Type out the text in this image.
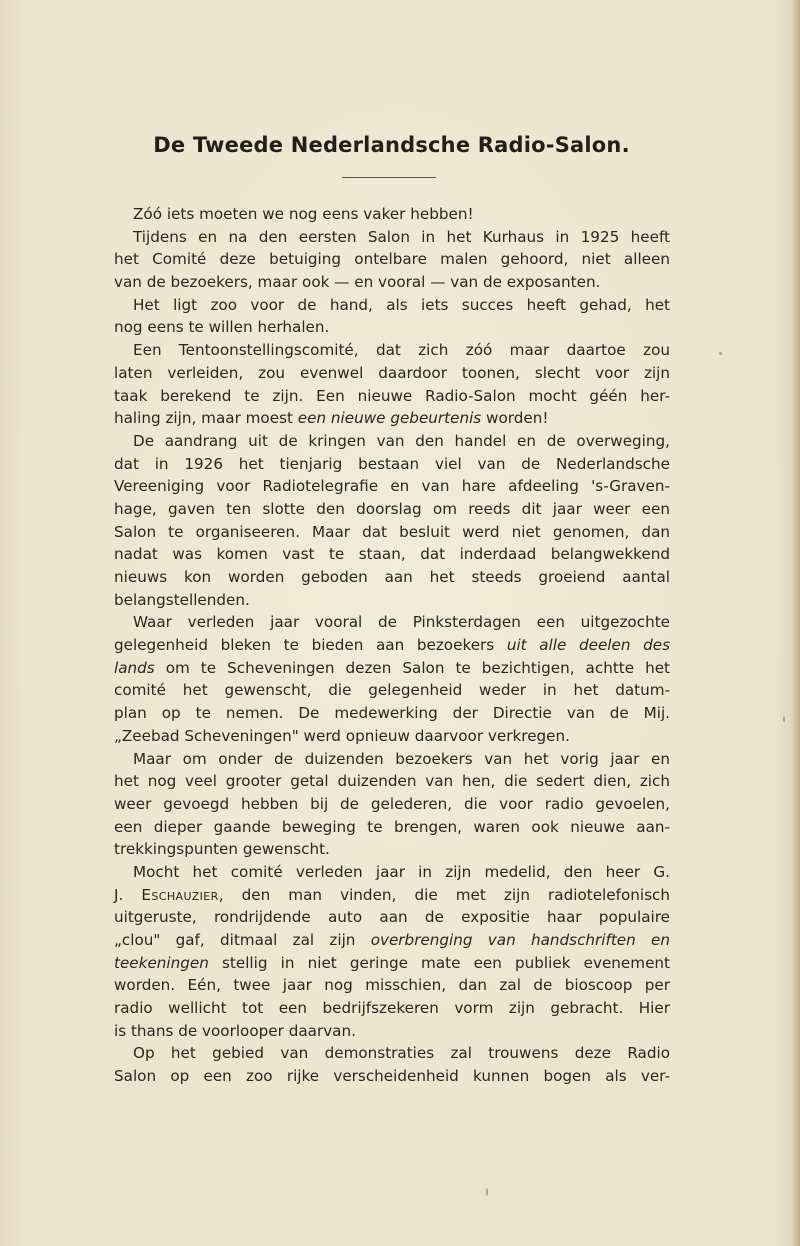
De Tweede Nederlandsche Radio-Salon.
Zóó iets moeten we nog eens vaker hebben!
Tijdens en na den eersten Salon in het Kurhaus in 1925 heeft
het Comité deze betuiging ontelbare malen gehoord, niet alleen
van de bezoekers, maar ook — en vooral — van de exposanten.
Het ligt zoo voor de hand, als iets succes heeft gehad, het
nog eens te willen herhalen.
Een Tentoonstellingscomité, dat zich zóó maar daartoe zou
laten verleiden, zou evenwel daardoor toonen, slecht voor zijn
taak berekend te zijn. Een nieuwe Radio-Salon mocht géén her-
haling zijn, maar moest een nieuwe gebeurtenis worden!
De aandrang uit de kringen van den handel en de overweging,
dat in 1926 het tienjarig bestaan viel van de Nederlandsche
Vereeniging voor Radiotelegrafie en van hare afdeeling 's-Graven-
hage, gaven ten slotte den doorslag om reeds dit jaar weer een
Salon te organiseeren. Maar dat besluit werd niet genomen, dan
nadat was komen vast te staan, dat inderdaad belangwekkend
nieuws kon worden geboden aan het steeds groeiend aantal
belangstellenden.
Waar verleden jaar vooral de Pinksterdagen een uitgezochte
gelegenheid bleken te bieden aan bezoekers uit alle deelen des
lands om te Scheveningen dezen Salon te bezichtigen, achtte het
comité het gewenscht, die gelegenheid weder in het datum-
plan op te nemen. De medewerking der Directie van de Mij.
„Zeebad Scheveningen" werd opnieuw daarvoor verkregen.
Maar om onder de duizenden bezoekers van het vorig jaar en
het nog veel grooter getal duizenden van hen, die sedert dien, zich
weer gevoegd hebben bij de gelederen, die voor radio gevoelen,
een dieper gaande beweging te brengen, waren ook nieuwe aan-
trekkingspunten gewenscht.
Mocht het comité verleden jaar in zijn medelid, den heer G.
J. Eschauzier, den man vinden, die met zijn radiotelefonisch
uitgeruste, rondrijdende auto aan de expositie haar populaire
„clou" gaf, ditmaal zal zijn overbrenging van handschriften en
teekeningen stellig in niet geringe mate een publiek evenement
worden. Eén, twee jaar nog misschien, dan zal de bioscoop per
radio wellicht tot een bedrijfszekeren vorm zijn gebracht. Hier
is thans de voorlooper daarvan.
Op het gebied van demonstraties zal trouwens deze Radio
Salon op een zoo rijke verscheidenheid kunnen bogen als ver-
